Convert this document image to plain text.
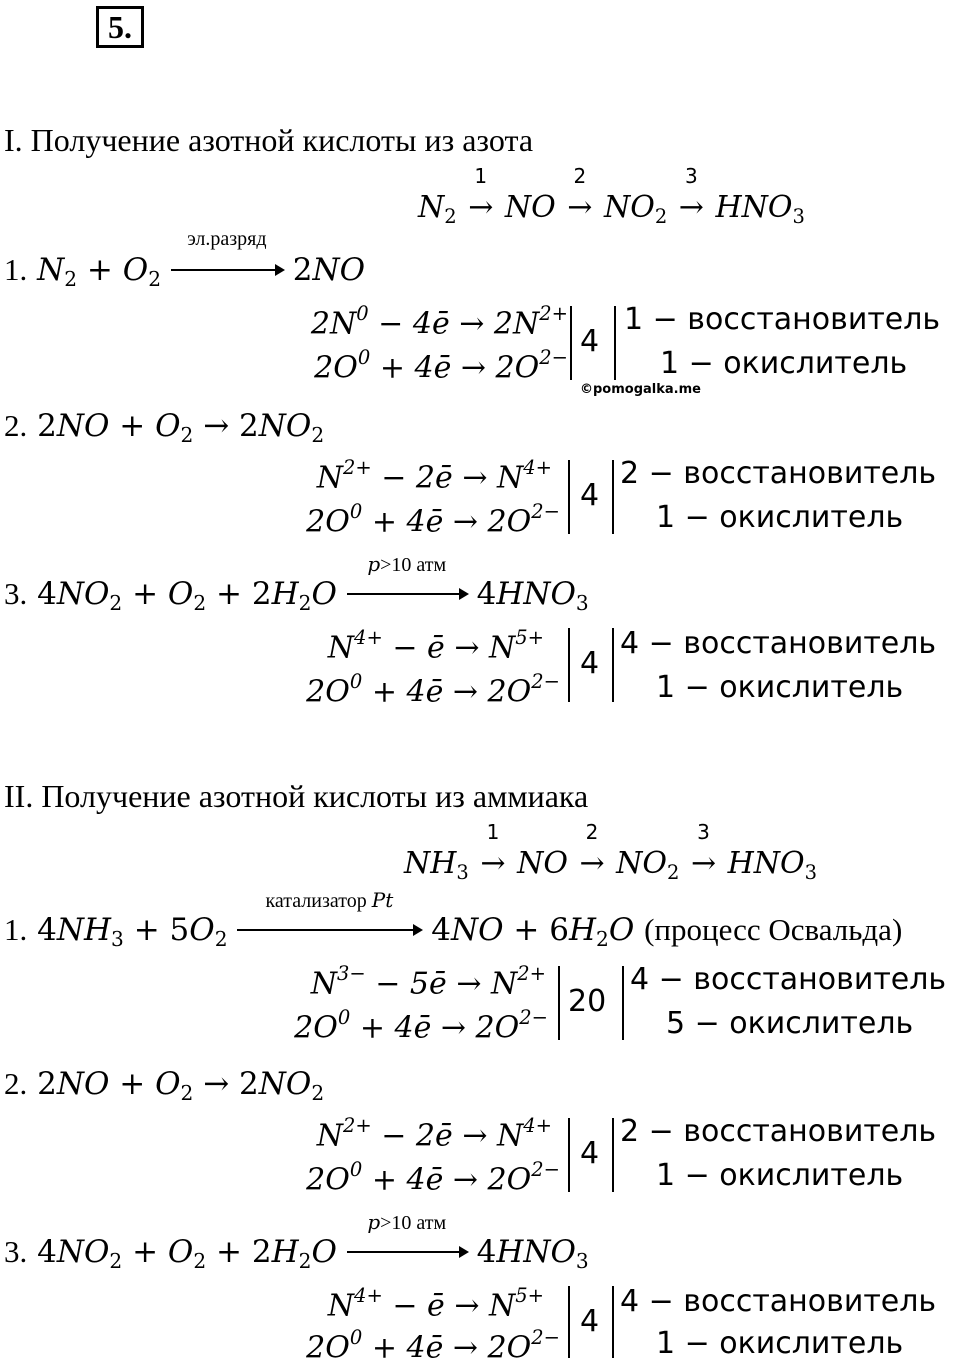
5.
I. Получение азотной кислоты из азота
$N_2$
1
→ NO
2
→ $NO_2$
3
→ $HNO_3$
1. $N_2 + O_2$
эл.разряд
2NO
$2N^0$ − 4ē → $2N^{2+}$
$2O^0$ + 4ē → $2O^{2-}$ 4
1 − восстановитель
1 − окислитель
©pomogalka.me
2. $2NO + O_2 \to 2NO_2$
$N^{2+}$ − 2ē → $N^{4+}$
$2O^0$ + 4ē → $2O^{2-}$ 4
2 − восстановитель
1 − окислитель
3. $4NO_2 + O_2 + 2H_2O$
p>10 атм
$4HNO_3$
$N^{4+}$ − ē → $N^{5+}$
$2O^0$ + 4ē → $2O^{2-}$
4
4 − восстановитель
1 − окислитель
II. Получение азотной кислоты из аммиака
$NH_3$
1
→ NO
2
→ $NO_2$
3
→ $HNO_3$
1. $4NH_3 + 5O_2$
катализатор Pt
$4NO + 6H_2O$ (процесс Освальда)
$N^{3-}$ − 5ē → $N^{2+}$
$2O^0$ + 4ē → $2O^{2-}$ 20
4 − восстановитель
5 − окислитель
2. $2NO + O_2 \to 2NO_2$
$N^{2+}$ − 2ē → $N^{4+}$
$2O^0$ + 4ē → $2O^{2-}$ 4
2 − восстановитель
1 − окислитель
3. $4NO_2 + O_2 + 2H_2O$
p>10 атм
$4HNO_3$
$N^{4+}$ − ē → $N^{5+}$
$2O^0$ + 4ē → $2O^{2-}$ 4
4 − восстановитель
1 − окислитель
